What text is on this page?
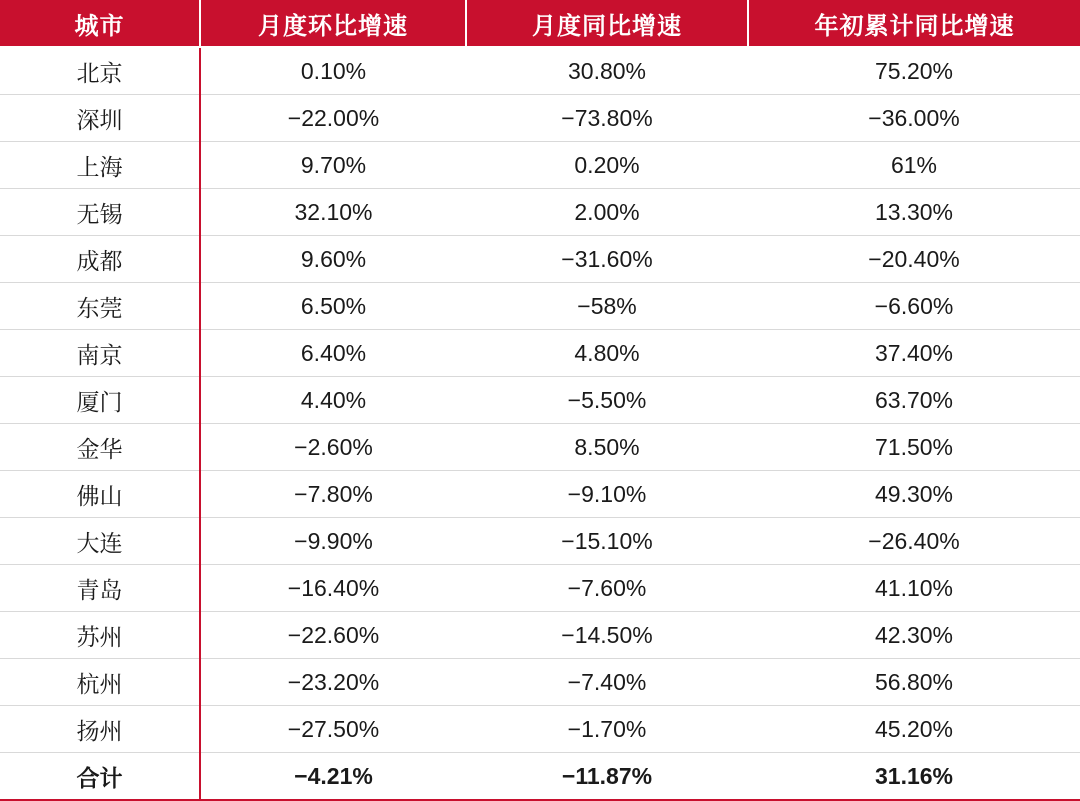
城市	月度环比增速	月度同比增速	年初累计同比增速
北京	0.10%	30.80%	75.20%
深圳	−22.00%	−73.80%	−36.00%
上海	9.70%	0.20%	61%
无锡	32.10%	2.00%	13.30%
成都	9.60%	−31.60%	−20.40%
东莞	6.50%	−58%	−6.60%
南京	6.40%	4.80%	37.40%
厦门	4.40%	−5.50%	63.70%
金华	−2.60%	8.50%	71.50%
佛山	−7.80%	−9.10%	49.30%
大连	−9.90%	−15.10%	−26.40%
青岛	−16.40%	−7.60%	41.10%
苏州	−22.60%	−14.50%	42.30%
杭州	−23.20%	−7.40%	56.80%
扬州	−27.50%	−1.70%	45.20%
合计	−4.21%	−11.87%	31.16%
